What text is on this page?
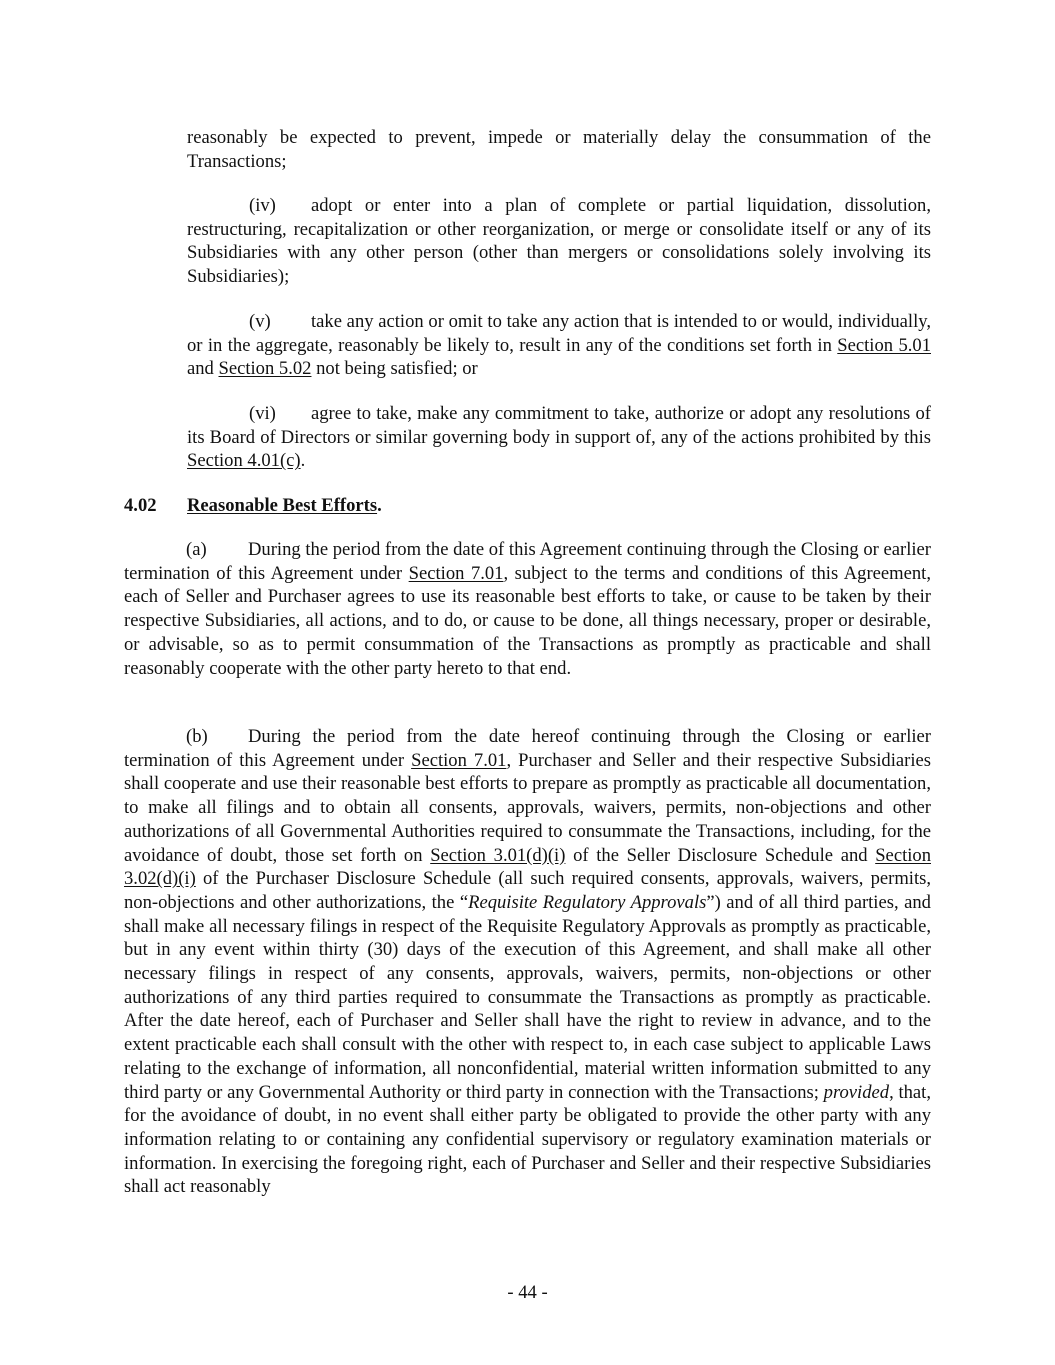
reasonably be expected to prevent, impede or materially delay the consummation of the Transactions;

(iv) adopt or enter into a plan of complete or partial liquidation, dissolution, restructuring, recapitalization or other reorganization, or merge or consolidate itself or any of its Subsidiaries with any other person (other than mergers or consolidations solely involving its Subsidiaries);

(v) take any action or omit to take any action that is intended to or would, individually, or in the aggregate, reasonably be likely to, result in any of the conditions set forth in Section 5.01 and Section 5.02 not being satisfied; or

(vi) agree to take, make any commitment to take, authorize or adopt any resolutions of its Board of Directors or similar governing body in support of, any of the actions prohibited by this Section 4.01(c).

4.02 Reasonable Best Efforts.

(a) During the period from the date of this Agreement continuing through the Closing or earlier termination of this Agreement under Section 7.01, subject to the terms and conditions of this Agreement, each of Seller and Purchaser agrees to use its reasonable best efforts to take, or cause to be taken by their respective Subsidiaries, all actions, and to do, or cause to be done, all things necessary, proper or desirable, or advisable, so as to permit consummation of the Transactions as promptly as practicable and shall reasonably cooperate with the other party hereto to that end.

(b) During the period from the date hereof continuing through the Closing or earlier termination of this Agreement under Section 7.01, Purchaser and Seller and their respective Subsidiaries shall cooperate and use their reasonable best efforts to prepare as promptly as practicable all documentation, to make all filings and to obtain all consents, approvals, waivers, permits, non-objections and other authorizations of all Governmental Authorities required to consummate the Transactions, including, for the avoidance of doubt, those set forth on Section 3.01(d)(i) of the Seller Disclosure Schedule and Section 3.02(d)(i) of the Purchaser Disclosure Schedule (all such required consents, approvals, waivers, permits, non-objections and other authorizations, the “Requisite Regulatory Approvals”) and of all third parties, and shall make all necessary filings in respect of the Requisite Regulatory Approvals as promptly as practicable, but in any event within thirty (30) days of the execution of this Agreement, and shall make all other necessary filings in respect of any consents, approvals, waivers, permits, non-objections or other authorizations of any third parties required to consummate the Transactions as promptly as practicable. After the date hereof, each of Purchaser and Seller shall have the right to review in advance, and to the extent practicable each shall consult with the other with respect to, in each case subject to applicable Laws relating to the exchange of information, all nonconfidential, material written information submitted to any third party or any Governmental Authority or third party in connection with the Transactions; provided, that, for the avoidance of doubt, in no event shall either party be obligated to provide the other party with any information relating to or containing any confidential supervisory or regulatory examination materials or information. In exercising the foregoing right, each of Purchaser and Seller and their respective Subsidiaries shall act reasonably

- 44 -
